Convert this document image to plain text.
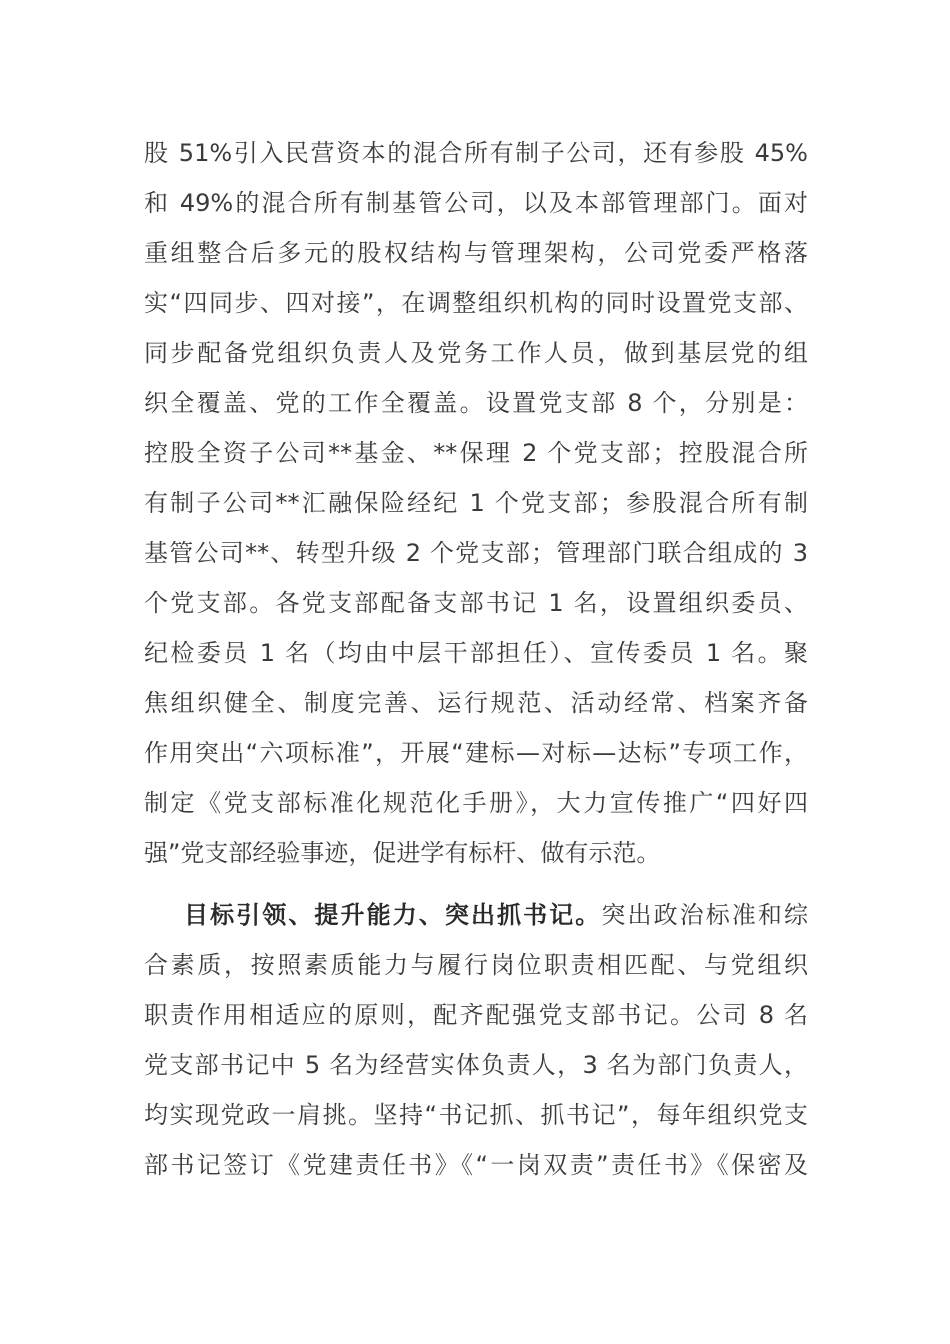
股 51%引入民营资本的混合所有制子公司，还有参股 45%
和 49%的混合所有制基管公司，以及本部管理部门。面对
重组整合后多元的股权结构与管理架构，公司党委严格落
实“四同步、四对接”，在调整组织机构的同时设置党支部、
同步配备党组织负责人及党务工作人员，做到基层党的组
织全覆盖、党的工作全覆盖。设置党支部 8 个，分别是：
控股全资子公司**基金、**保理 2 个党支部；控股混合所
有制子公司**汇融保险经纪 1 个党支部；参股混合所有制
基管公司**、转型升级 2 个党支部；管理部门联合组成的 3
个党支部。各党支部配备支部书记 1 名，设置组织委员、
纪检委员 1 名（均由中层干部担任）、宣传委员 1 名。聚
焦组织健全、制度完善、运行规范、活动经常、档案齐备
作用突出“六项标准”，开展“建标—对标—达标”专项工作，
制定《党支部标准化规范化手册》，大力宣传推广“四好四
强”党支部经验事迹，促进学有标杆、做有示范。
目标引领、提升能力、突出抓书记。突出政治标准和综
合素质，按照素质能力与履行岗位职责相匹配、与党组织
职责作用相适应的原则，配齐配强党支部书记。公司 8 名
党支部书记中 5 名为经营实体负责人，3 名为部门负责人，
均实现党政一肩挑。坚持“书记抓、抓书记”，每年组织党支
部书记签订《党建责任书》《“一岗双责”责任书》《保密及
